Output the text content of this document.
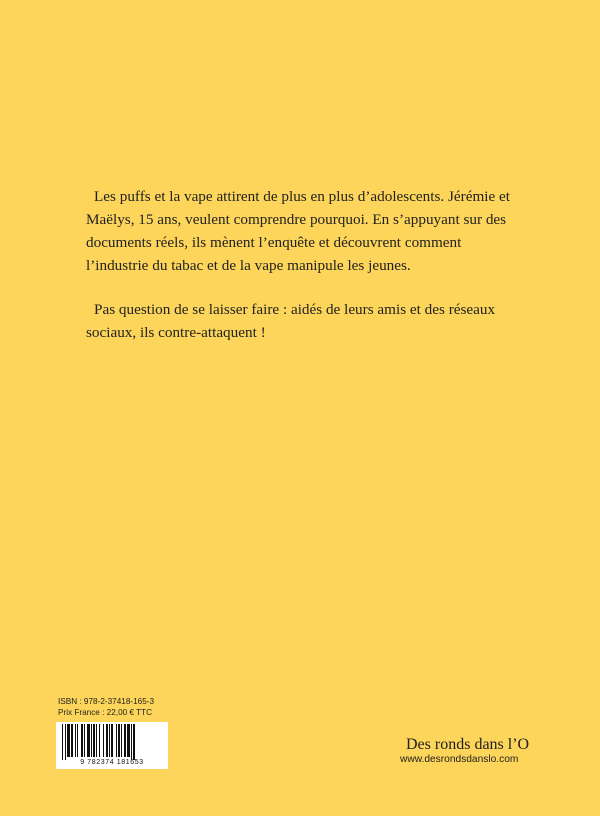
Les puffs et la vape attirent de plus en plus d’adolescents. Jérémie et Maëlys, 15 ans, veulent comprendre pourquoi. En s’appuyant sur des documents réels, ils mènent l’enquête et découvrent comment l’industrie du tabac et de la vape manipule les jeunes.

Pas question de se laisser faire : aidés de leurs amis et des réseaux sociaux, ils contre-attaquent !

ISBN : 978-2-37418-165-3
Prix France : 22,00 € TTC
9 782374 181653
Des ronds dans l’O
www.desrondsdanslo.com
